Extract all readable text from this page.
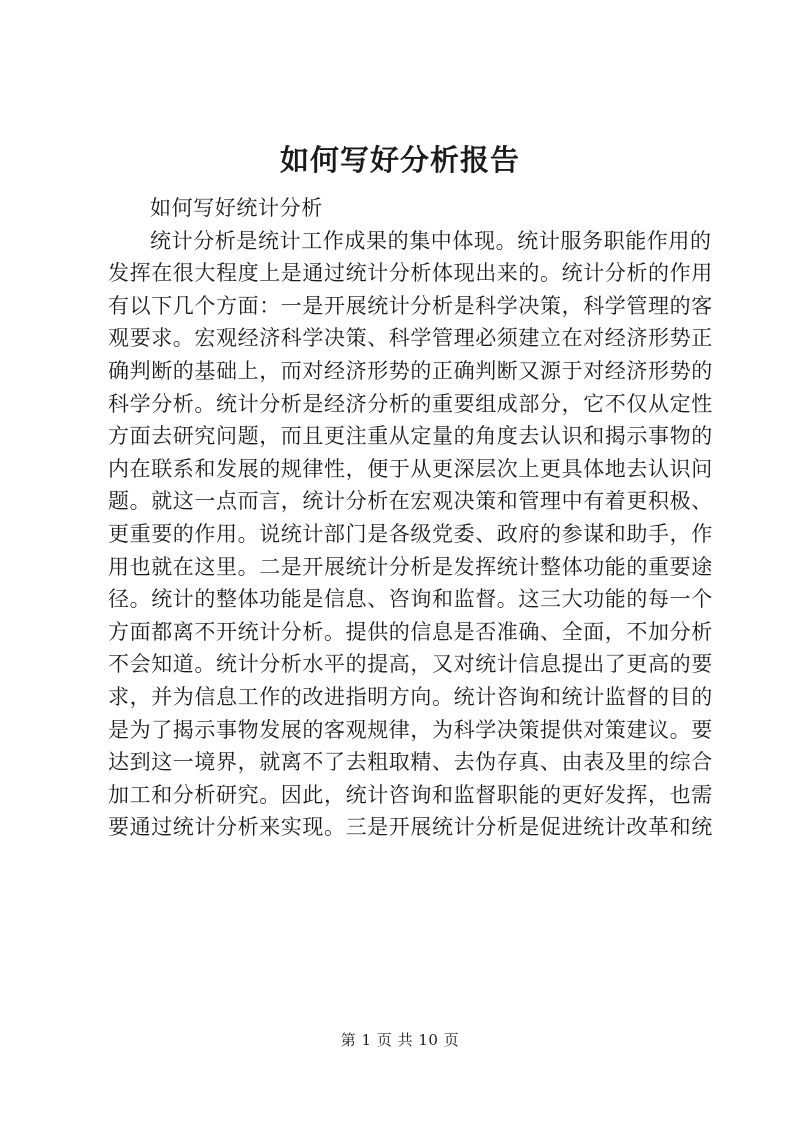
如何写好分析报告
如何写好统计分析
统计分析是统计工作成果的集中体现。统计服务职能作用的
发挥在很大程度上是通过统计分析体现出来的。统计分析的作用
有以下几个方面：一是开展统计分析是科学决策，科学管理的客
观要求。宏观经济科学决策、科学管理必须建立在对经济形势正
确判断的基础上，而对经济形势的正确判断又源于对经济形势的
科学分析。统计分析是经济分析的重要组成部分，它不仅从定性
方面去研究问题，而且更注重从定量的角度去认识和揭示事物的
内在联系和发展的规律性，便于从更深层次上更具体地去认识问
题。就这一点而言，统计分析在宏观决策和管理中有着更积极、
更重要的作用。说统计部门是各级党委、政府的参谋和助手，作
用也就在这里。二是开展统计分析是发挥统计整体功能的重要途
径。统计的整体功能是信息、咨询和监督。这三大功能的每一个
方面都离不开统计分析。提供的信息是否准确、全面，不加分析
不会知道。统计分析水平的提高，又对统计信息提出了更高的要
求，并为信息工作的改进指明方向。统计咨询和统计监督的目的
是为了揭示事物发展的客观规律，为科学决策提供对策建议。要
达到这一境界，就离不了去粗取精、去伪存真、由表及里的综合
加工和分析研究。因此，统计咨询和监督职能的更好发挥，也需
要通过统计分析来实现。三是开展统计分析是促进统计改革和统
第 1 页 共 10 页
